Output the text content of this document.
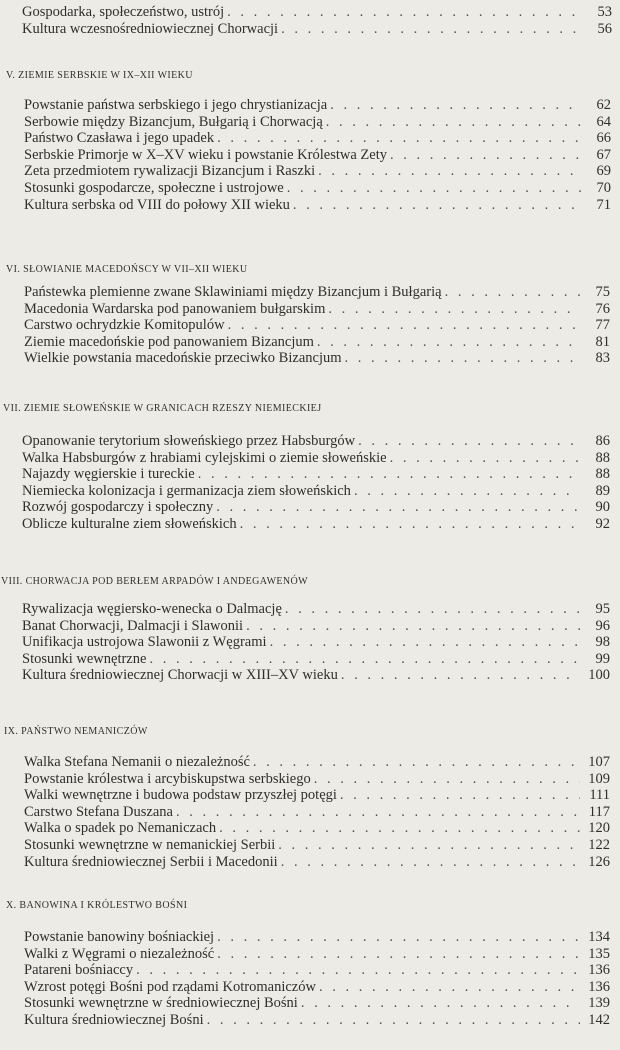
Gospodarka, społeczeństwo, ustrój . . .	53
Kultura wczesnośredniowiecznej Chorwacji . . .	56
V. ZIEMIE SERBSKIE W IX–XII WIEKU
Powstanie państwa serbskiego i jego chrystianizacja . . .	62
Serbowie między Bizancjum, Bułgarią i Chorwacją . . .	64
Państwo Czasława i jego upadek . . .	66
Serbskie Primorje w X–XV wieku i powstanie Królestwa Zety . . .	67
Zeta przedmiotem rywalizacji Bizancjum i Raszki . . .	69
Stosunki gospodarcze, społeczne i ustrojowe . . .	70
Kultura serbska od VIII do połowy XII wieku . . .	71
VI. SŁOWIANIE MACEDOŃSCY W VII–XII WIEKU
Państewka plemienne zwane Sklawiniami między Bizancjum i Bułgarią . . .	75
Macedonia Wardarska pod panowaniem bułgarskim . . .	76
Carstwo ochrydzkie Komitopulów . . .	77
Ziemie macedońskie pod panowaniem Bizancjum . . .	81
Wielkie powstania macedońskie przeciwko Bizancjum . . .	83
VII. ZIEMIE SŁOWEŃSKIE W GRANICACH RZESZY NIEMIECKIEJ
Opanowanie terytorium słoweńskiego przez Habsburgów . . .	86
Walka Habsburgów z hrabiami cylejskimi o ziemie słoweńskie . . .	88
Najazdy węgierskie i tureckie . . .	88
Niemiecka kolonizacja i germanizacja ziem słoweńskich . . .	89
Rozwój gospodarczy i społeczny . . .	90
Oblicze kulturalne ziem słoweńskich . . .	92
VIII. CHORWACJA POD BERŁEM ARPADÓW I ANDEGAWENÓW
Rywalizacja węgiersko-wenecka o Dalmację . . .	95
Banat Chorwacji, Dalmacji i Slawonii . . .	96
Unifikacja ustrojowa Slawonii z Węgrami . . .	98
Stosunki wewnętrzne . . .	99
Kultura średniowiecznej Chorwacji w XIII–XV wieku . . .	100
IX. PAŃSTWO NEMANICZÓW
Walka Stefana Nemanii o niezależność . . .	107
Powstanie królestwa i arcybiskupstwa serbskiego . . .	109
Walki wewnętrzne i budowa podstaw przyszłej potęgi . . .	111
Carstwo Stefana Duszana . . .	117
Walka o spadek po Nemaniczach . . .	120
Stosunki wewnętrzne w nemanickiej Serbii . . .	122
Kultura średniowiecznej Serbii i Macedonii . . .	126
X. BANOWINA I KRÓLESTWO BOŚNI
Powstanie banowiny bośniackiej . . .	134
Walki z Węgrami o niezależność . . .	135
Patareni bośniaccy . . .	136
Wzrost potęgi Bośni pod rządami Kotromaniczów . . .	136
Stosunki wewnętrzne w średniowiecznej Bośni . . .	139
Kultura średniowiecznej Bośni . . .	142
